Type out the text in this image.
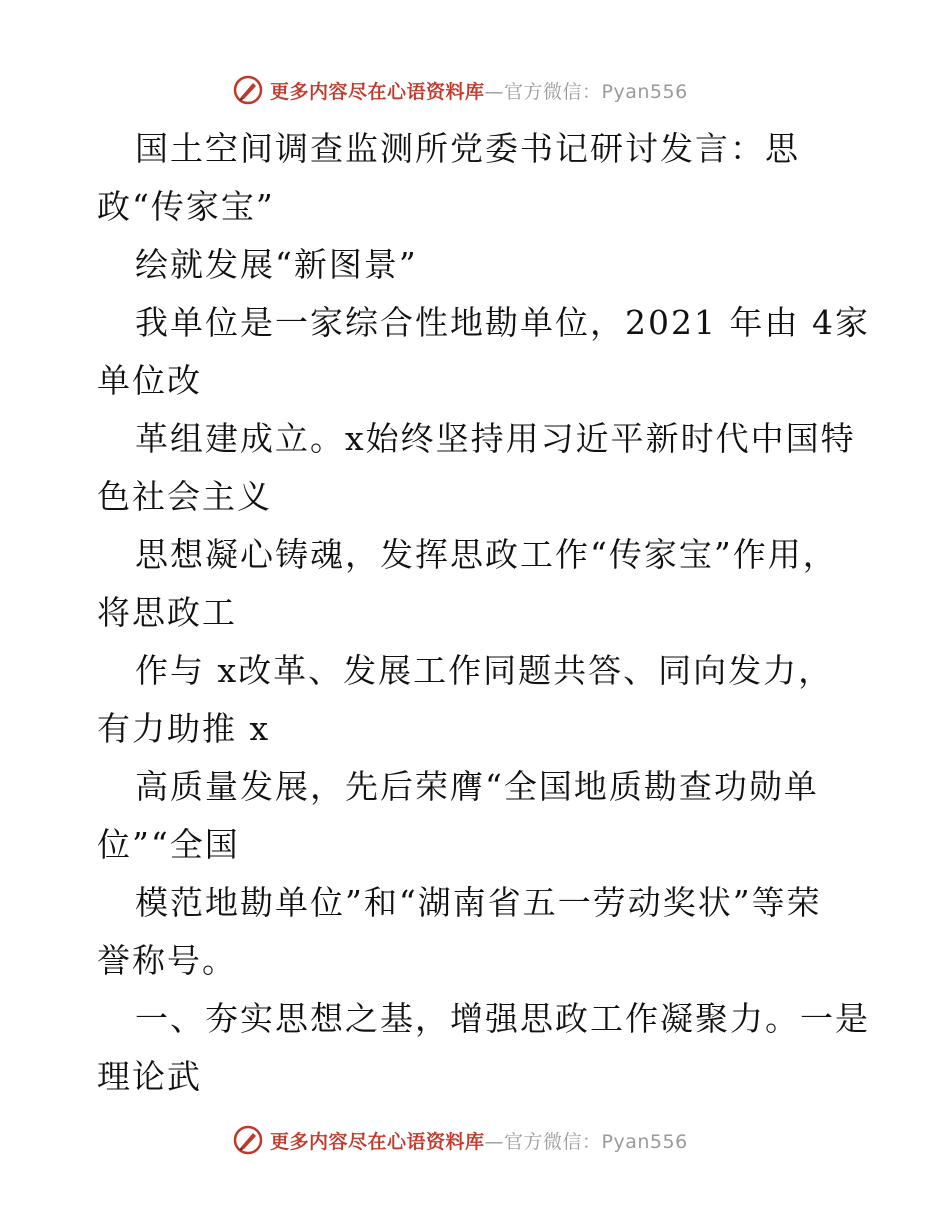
更多内容尽在心语资料库 —官方微信：Pyan556
国土空间调查监测所党委书记研讨发言：思
政“传家宝”
绘就发展“新图景”
我单位是一家综合性地勘单位，2021 年由 4家
单位改
革组建成立。x始终坚持用习近平新时代中国特
色社会主义
思想凝心铸魂，发挥思政工作“传家宝”作用，
将思政工
作与 x改革、发展工作同题共答、同向发力，
有力助推 x
高质量发展，先后荣膺“全国地质勘查功勋单
位”“全国
模范地勘单位”和“湖南省五一劳动奖状”等荣
誉称号。
一、夯实思想之基，增强思政工作凝聚力。一是
理论武
更多内容尽在心语资料库 —官方微信：Pyan556
